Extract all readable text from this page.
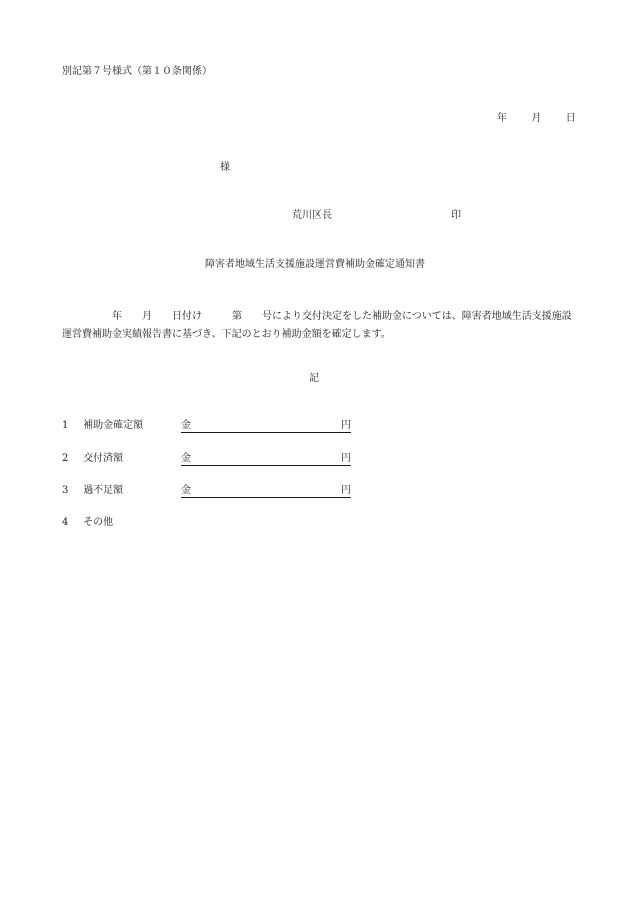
別記第７号様式（第１０条関係）
年 月 日
様
荒川区長	印
障害者地域生活支援施設運営費補助金確定通知書
　　　　　年　　月　　日付け　　　第　　号により交付決定をした補助金については、障害者地域生活支援施設
運営費補助金実績報告書に基づき、下記のとおり補助金額を確定します。
記
1 補助金確定額	金	円
2 交付済額	金	円
3 過不足額	金	円
4 その他
